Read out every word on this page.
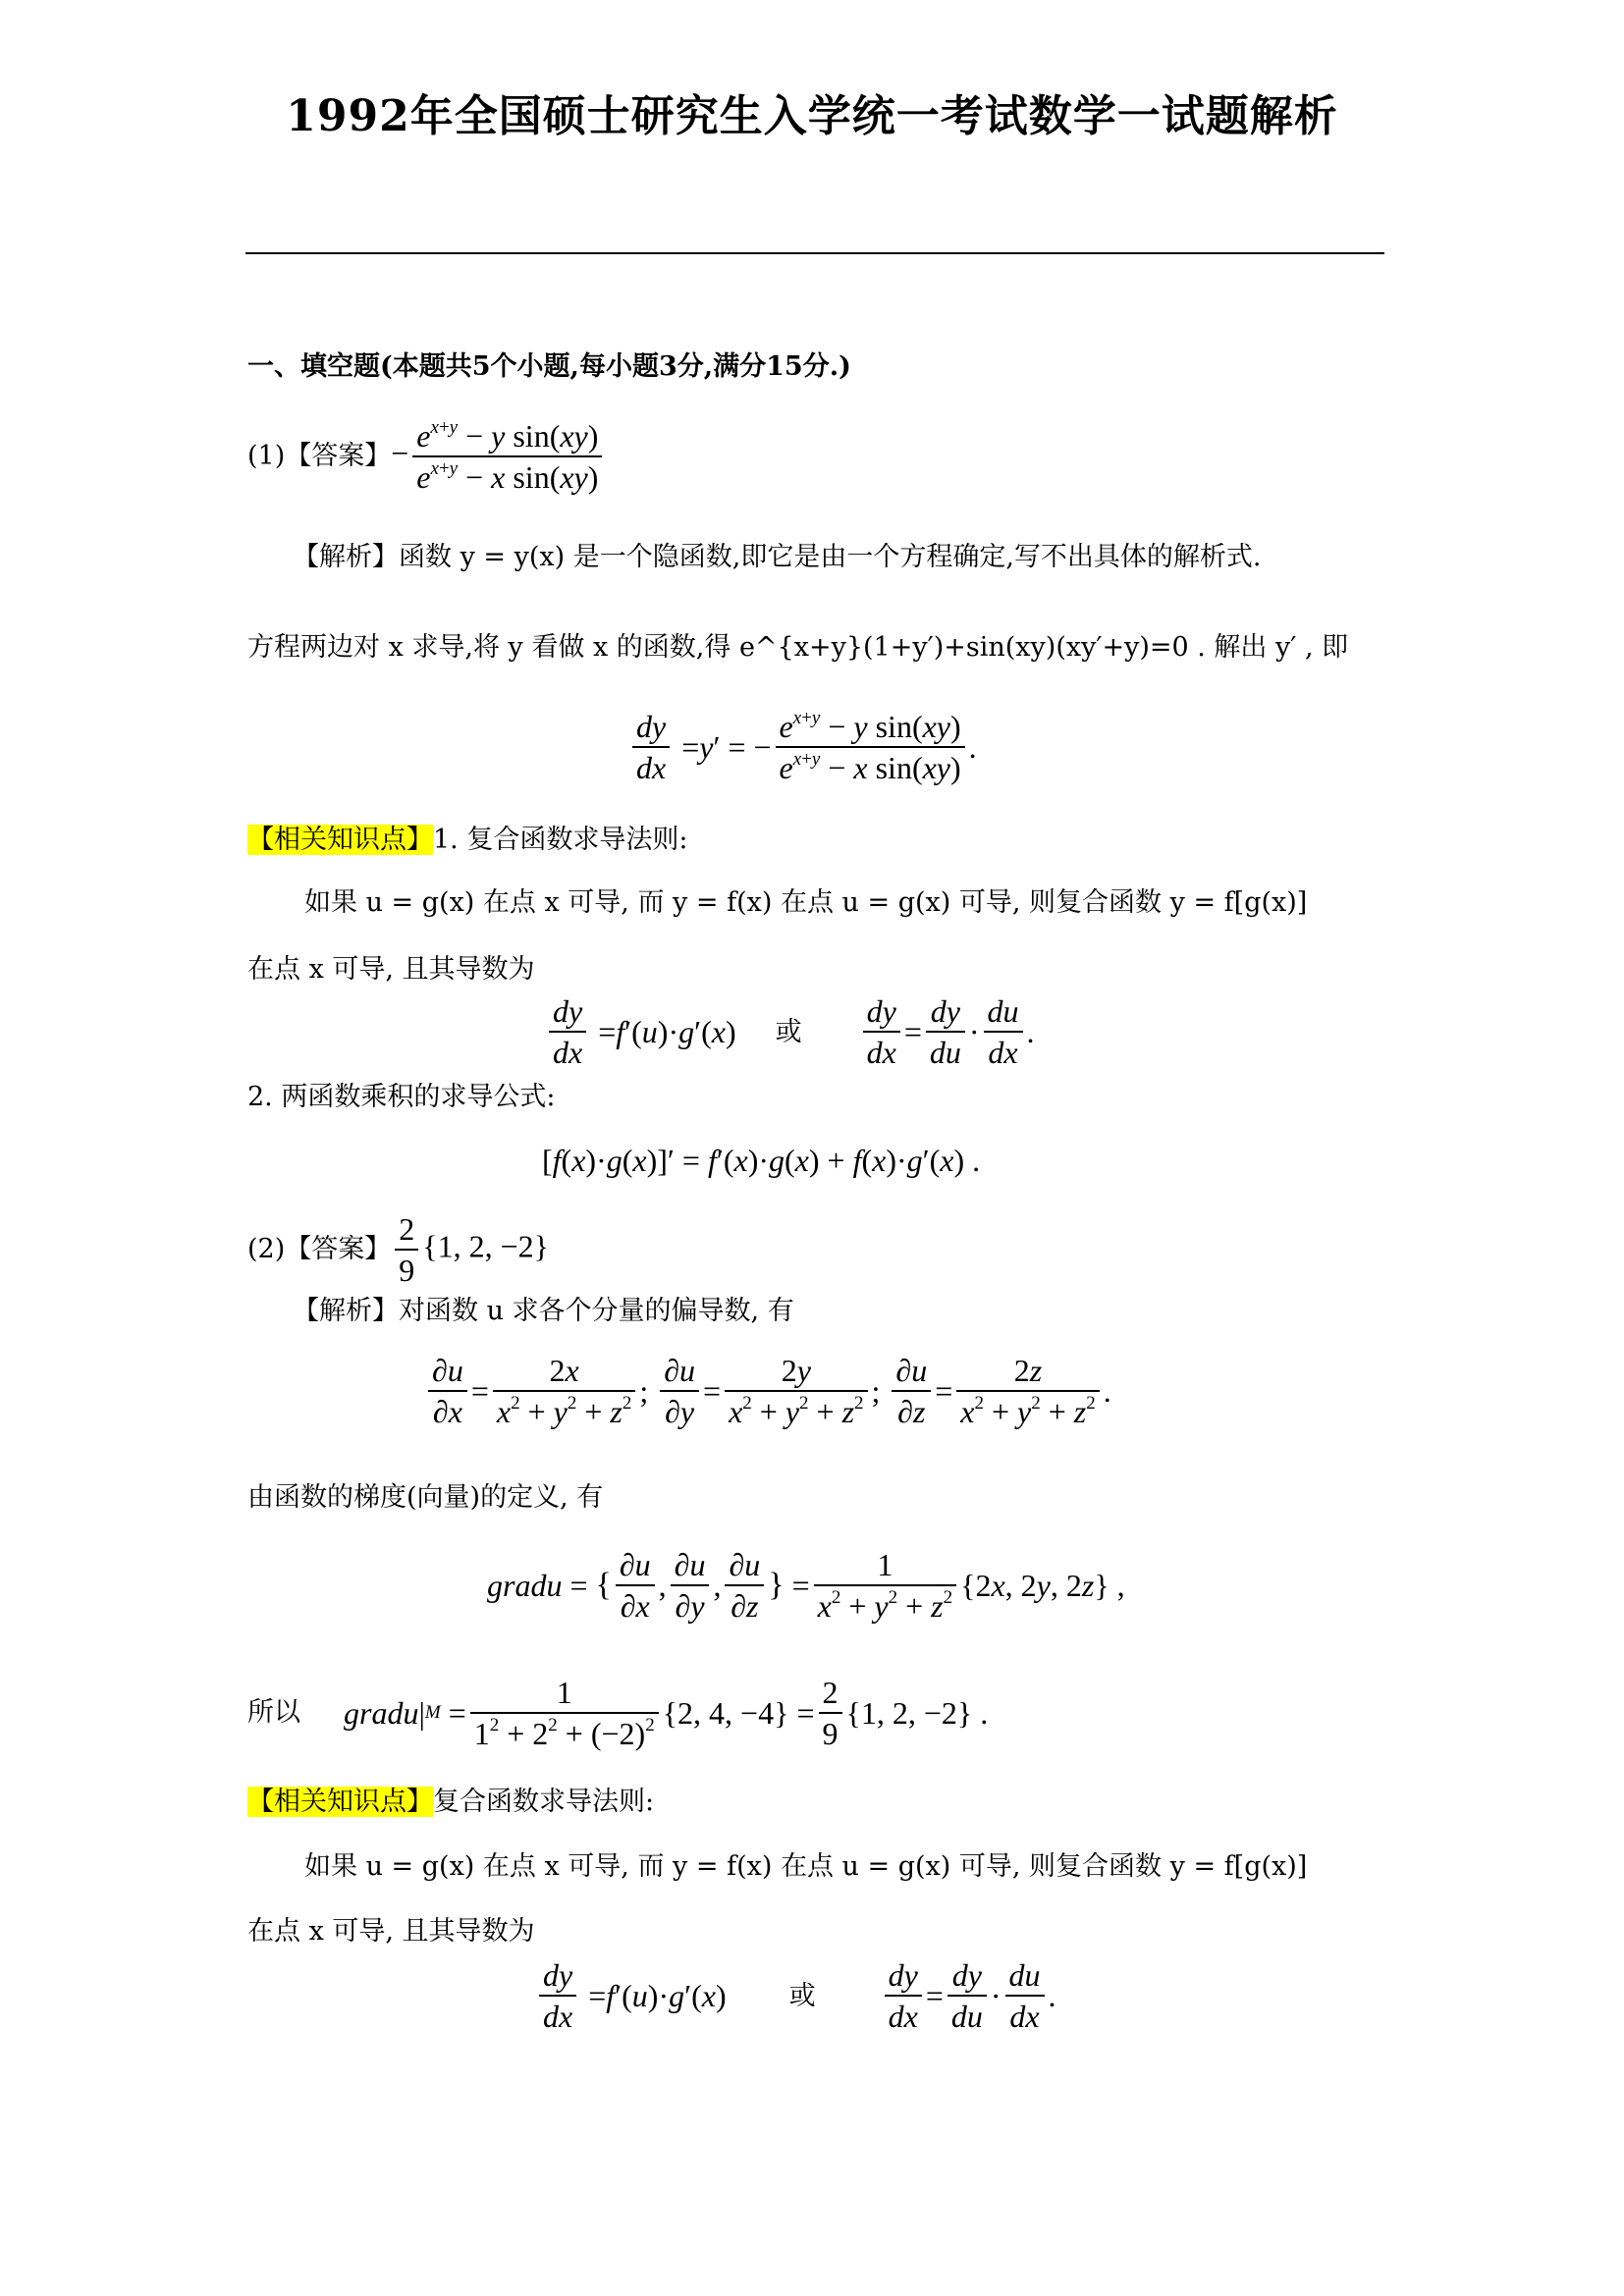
1992年全国硕士研究生入学统一考试数学一试题解析
一、填空题(本题共5个小题,每小题3分,满分15分.)
(1)【答案】 − $\frac{e^{x+y} - y \sin(xy)}{e^{x+y} - x \sin(xy)}$
【解析】函数 y = y(x) 是一个隐函数,即它是由一个方程确定,写不出具体的解析式.
方程两边对 x 求导,将 y 看做 x 的函数,得 e^{x+y}(1+y′)+sin(xy)(xy′+y)=0 . 解出 y′ , 即
$\frac{dy}{dx} = y$ ′ = − $\frac{e^{x+y} - y \sin(xy)}{e^{x+y} - x \sin(xy)}$ .
【相关知识点】1. 复合函数求导法则:
如果 u = g(x) 在点 x 可导, 而 y = f(x) 在点 u = g(x) 可导, 则复合函数 y = f[g(x)]
在点 x 可导, 且其导数为
$\frac{dy}{dx} = f$ ′( u )· g ′( x ) 或 $\frac{dy}{dx} = \frac{dy}{du} \cdot \frac{du}{dx}$ .
2. 两函数乘积的求导公式:
[f(x)·g(x)]′ = f′(x)·g(x) + f(x)·g′(x) .
(2)【答案】 $\frac{2}{9} \{1$, 2, −2}
【解析】对函数 u 求各个分量的偏导数, 有
$\frac{\partial u}{\partial x} = \frac{2x}{x^2 + y^2 + z^2}$ ; $\frac{\partial u}{\partial y} = \frac{2y}{x^2 + y^2 + z^2}$ ; $\frac{\partial u}{\partial z} = \frac{2z}{x^2 + y^2 + z^2}$ .
由函数的梯度(向量)的定义, 有
gradu = { $\frac{\partial u}{\partial x}$ , $\frac{\partial u}{\partial y}$ , $\frac{\partial u}{\partial z}$ } = $\frac{1}{x^2 + y^2 + z^2} \{2$ x , 2 y , 2 z } ,
所以 gradu | $M = \frac{1}{1^2 + 2^2 + (-2)^2} \{2$, 4, $-4\} = \frac{2}{9} \{1$, 2, −2} .
【相关知识点】复合函数求导法则:
如果 u = g(x) 在点 x 可导, 而 y = f(x) 在点 u = g(x) 可导, 则复合函数 y = f[g(x)]
在点 x 可导, 且其导数为
$\frac{dy}{dx} = f$ ′( u )· g ′( x ) 或 $\frac{dy}{dx} = \frac{dy}{du} \cdot \frac{du}{dx}$ .
